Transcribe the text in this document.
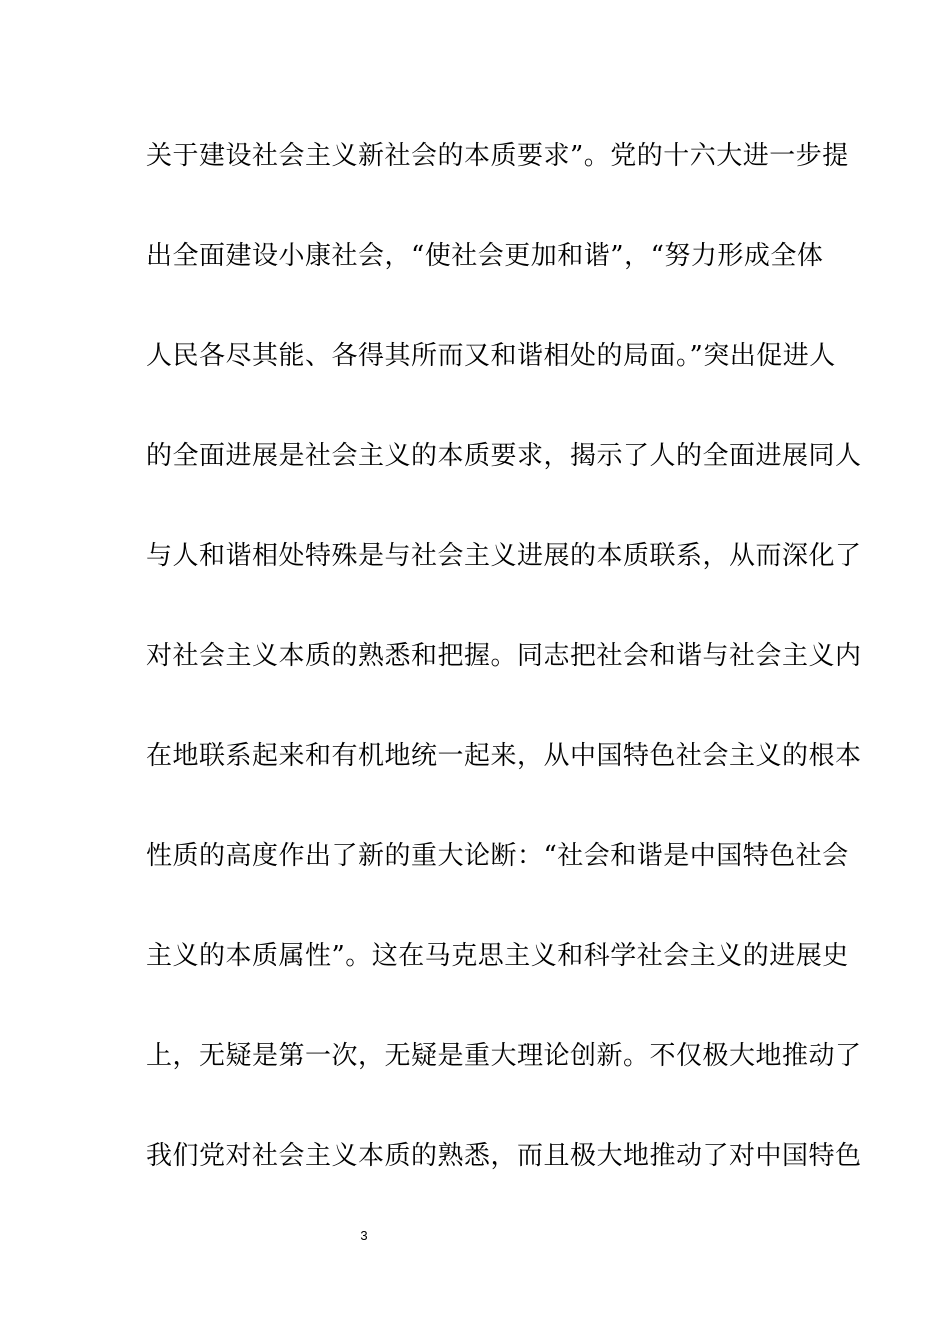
关于建设社会主义新社会的本质要求”。党的十六大进一步提
出全面建设小康社会，“使社会更加和谐”，“努力形成全体
人民各尽其能、各得其所而又和谐相处的局面。”突出促进人
的全面进展是社会主义的本质要求，揭示了人的全面进展同人
与人和谐相处特殊是与社会主义进展的本质联系，从而深化了
对社会主义本质的熟悉和把握。同志把社会和谐与社会主义内
在地联系起来和有机地统一起来，从中国特色社会主义的根本
性质的高度作出了新的重大论断：“社会和谐是中国特色社会
主义的本质属性”。这在马克思主义和科学社会主义的进展史
上，无疑是第一次，无疑是重大理论创新。不仅极大地推动了
我们党对社会主义本质的熟悉，而且极大地推动了对中国特色
3
